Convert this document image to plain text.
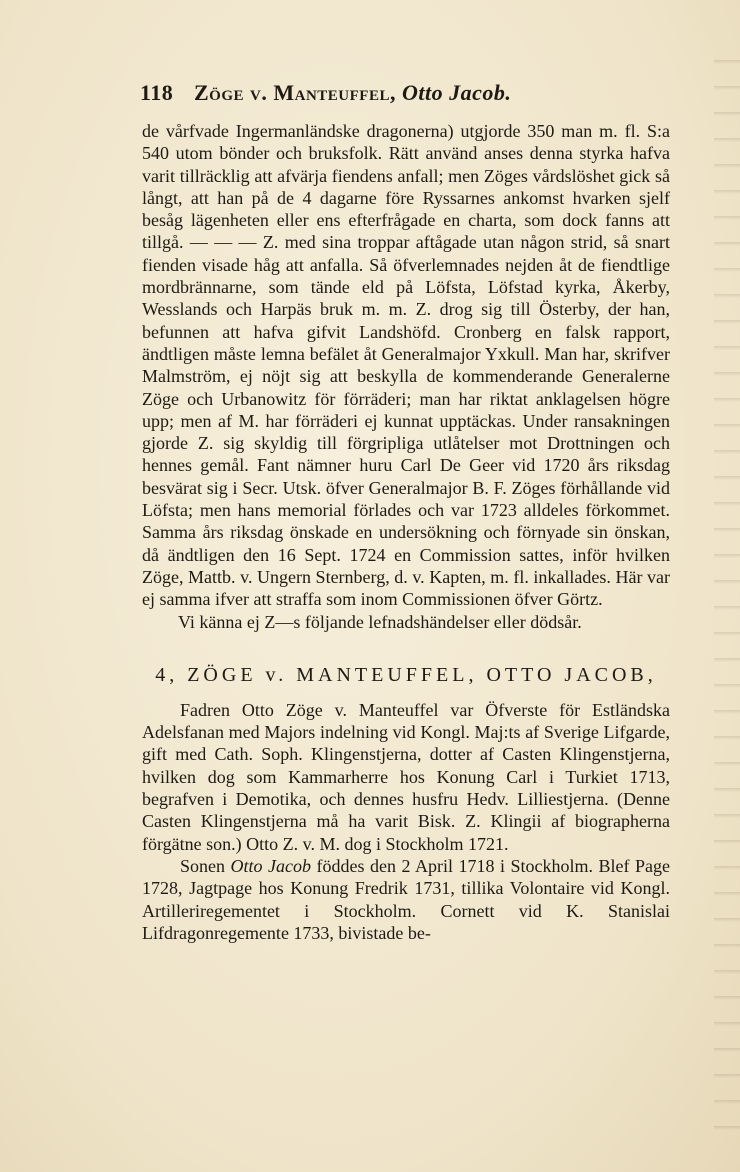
118 Zöge v. Manteuffel, Otto Jacob.

de vårfvade Ingermanländske dragonerna) utgjorde 350 man m. fl. S:a 540 utom bönder och bruksfolk. Rätt använd anses denna styrka hafva varit tillräcklig att afvärja fiendens anfall; men Zöges vårdslöshet gick så långt, att han på de 4 dagarne före Ryssarnes ankomst hvarken sjelf besåg lägenheten eller ens efterfrågade en charta, som dock fanns att tillgå. — — — Z. med sina troppar aftågade utan någon strid, så snart fienden visade håg att anfalla. Så öfverlemnades nejden åt de fiendtlige mordbrännarne, som tände eld på Löfsta, Löfstad kyrka, Åkerby, Wesslands och Harpäs bruk m. m. Z. drog sig till Österby, der han, befunnen att hafva gifvit Landshöfd. Cronberg en falsk rapport, ändtligen måste lemna befälet åt Generalmajor Yxkull. Man har, skrifver Malmström, ej nöjt sig att beskylla de kommenderande Generalerne Zöge och Urbanowitz för förräderi; man har riktat anklagelsen högre upp; men af M. har förräderi ej kunnat upptäckas. Under ransakningen gjorde Z. sig skyldig till förgripliga utlåtelser mot Drottningen och hennes gemål. Fant nämner huru Carl De Geer vid 1720 års riksdag besvärat sig i Secr. Utsk. öfver Generalmajor B. F. Zöges förhållande vid Löfsta; men hans memorial förlades och var 1723 alldeles förkommet. Samma års riksdag önskade en undersökning och förnyade sin önskan, då ändtligen den 16 Sept. 1724 en Commission sattes, inför hvilken Zöge, Mattb. v. Ungern Sternberg, d. v. Kapten, m. fl. inkallades. Här var ej samma ifver att straffa som inom Commissionen öfver Görtz.

Vi känna ej Z—s följande lefnadshändelser eller dödsår.

4, ZÖGE v. MANTEUFFEL, OTTO JACOB,

Fadren Otto Zöge v. Manteuffel var Öfverste för Estländska Adelsfanan med Majors indelning vid Kongl. Maj:ts af Sverige Lifgarde, gift med Cath. Soph. Klingenstjerna, dotter af Casten Klingenstjerna, hvilken dog som Kammarherre hos Konung Carl i Turkiet 1713, begrafven i Demotika, och dennes husfru Hedv. Lilliestjerna. (Denne Casten Klingenstjerna må ha varit Bisk. Z. Klingii af biographerna förgätne son.) Otto Z. v. M. dog i Stockholm 1721.

Sonen Otto Jacob föddes den 2 April 1718 i Stockholm. Blef Page 1728, Jagtpage hos Konung Fredrik 1731, tillika Volontaire vid Kongl. Artilleriregementet i Stockholm. Cornett vid K. Stanislai Lifdragonregemente 1733, bivistade be-
